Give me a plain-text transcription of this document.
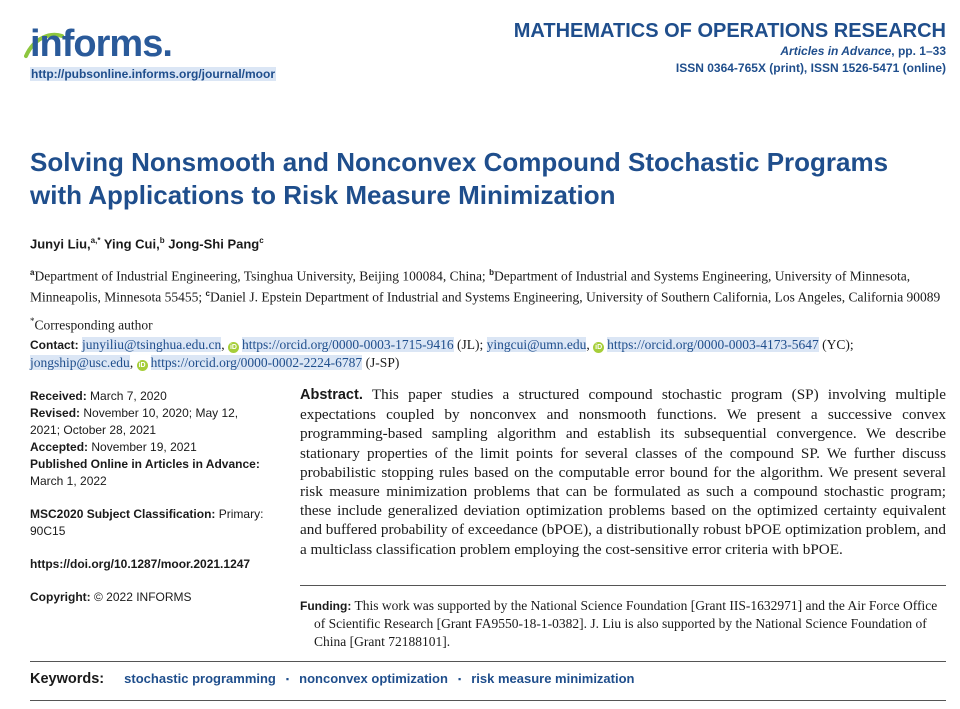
informs.
http://pubsonline.informs.org/journal/moor
MATHEMATICS OF OPERATIONS RESEARCH
Articles in Advance, pp. 1–33
ISSN 0364-765X (print), ISSN 1526-5471 (online)
Solving Nonsmooth and Nonconvex Compound Stochastic Programs with Applications to Risk Measure Minimization
Junyi Liu,$^{a,*}$ Ying Cui,$^b$ Jong-Shi Pang$^c$
$^a$Department of Industrial Engineering, Tsinghua University, Beijing 100084, China; $^b$Department of Industrial and Systems Engineering, University of Minnesota, Minneapolis, Minnesota 55455; $^c$Daniel J. Epstein Department of Industrial and Systems Engineering, University of Southern California, Los Angeles, California 90089
*Corresponding author
Contact: junyiliu@tsinghua.edu.cn, iD https://orcid.org/0000-0003-1715-9416 (JL); yingcui@umn.edu, iD https://orcid.org/0000-0003-4173-5647 (YC); jongship@usc.edu, iD https://orcid.org/0000-0002-2224-6787 (J-SP)
Received: March 7, 2020
Revised: November 10, 2020; May 12, 2021; October 28, 2021
Accepted: November 19, 2021
Published Online in Articles in Advance:
March 1, 2022
MSC2020 Subject Classification: Primary: 90C15
https://doi.org/10.1287/moor.2021.1247
Copyright: © 2022 INFORMS
Abstract. This paper studies a structured compound stochastic program (SP) involving multiple expectations coupled by nonconvex and nonsmooth functions. We present a successive convex programming-based sampling algorithm and establish its subsequential convergence. We describe stationary properties of the limit points for several classes of the compound SP. We further discuss probabilistic stopping rules based on the computable error bound for the algorithm. We present several risk measure minimization problems that can be formulated as such a compound stochastic program; these include generalized deviation optimization problems based on the optimized certainty equivalent and buffered probability of exceedance (bPOE), a distributionally robust bPOE optimization problem, and a multiclass classification problem employing the cost-sensitive error criteria with bPOE.
Funding: This work was supported by the National Science Foundation [Grant IIS-1632971] and the Air Force Office of Scientific Research [Grant FA9550-18-1-0382]. J. Liu is also supported by the National Science Foundation of China [Grant 72188101].
Keywords: stochastic programming ▪ nonconvex optimization ▪ risk measure minimization
